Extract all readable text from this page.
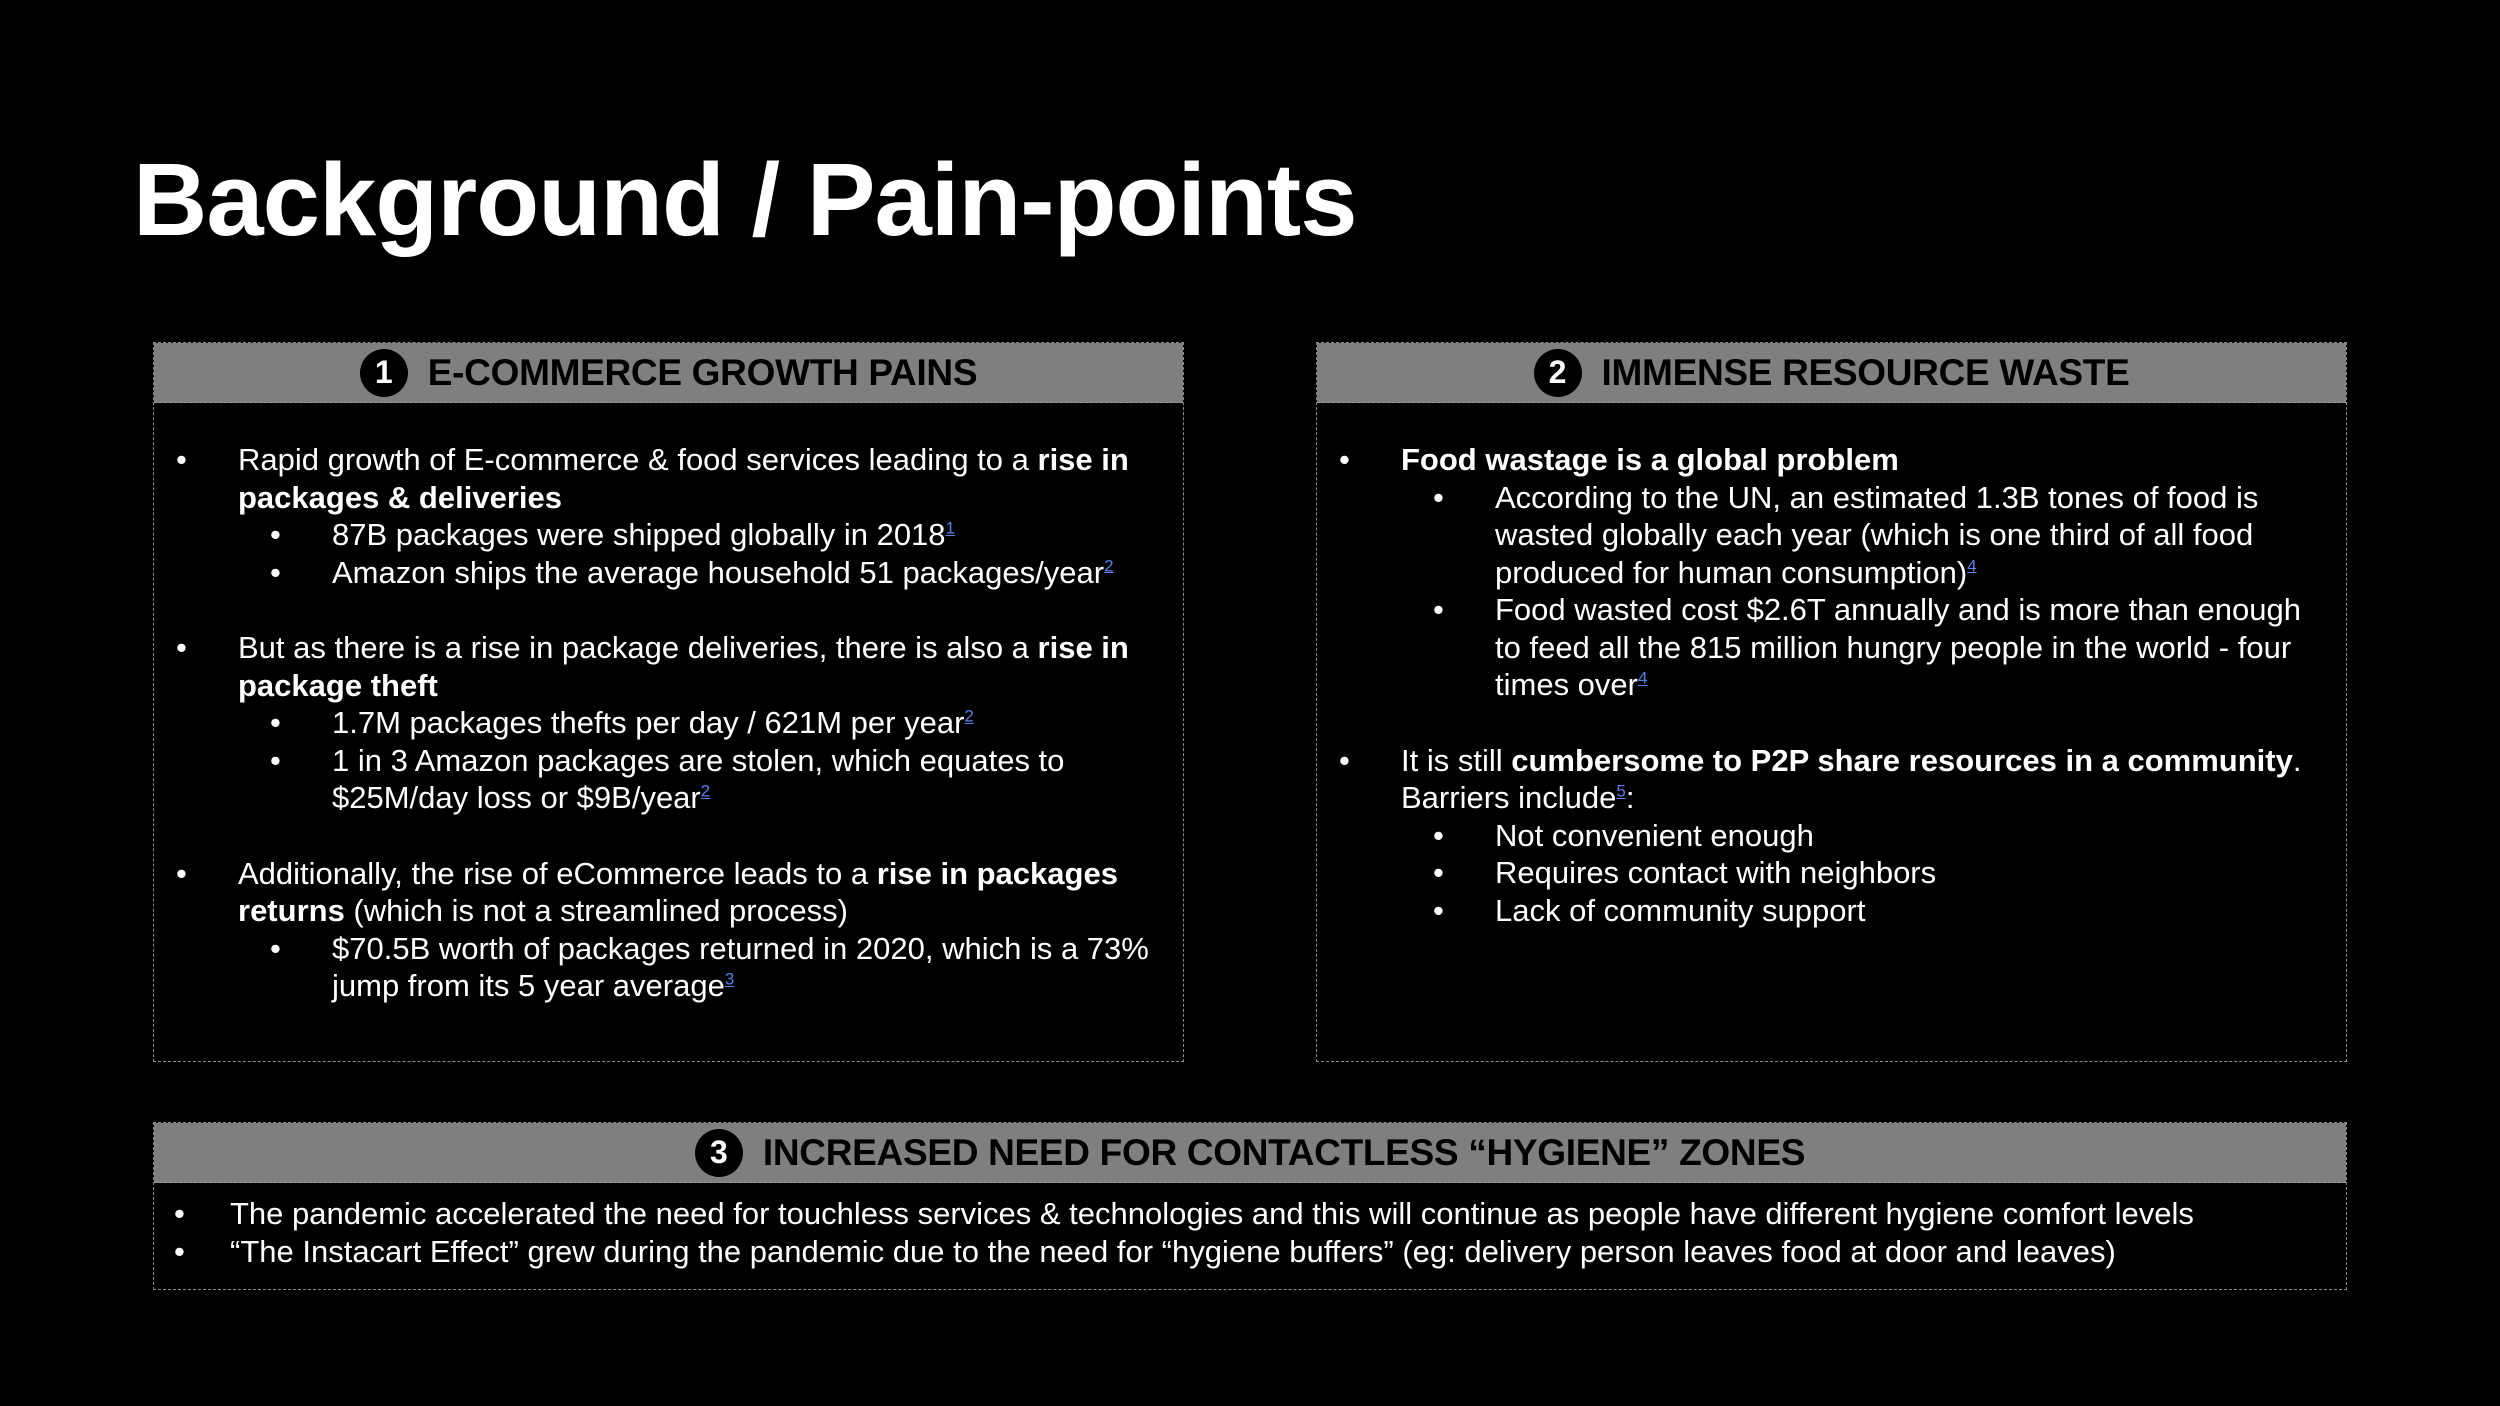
Background / Pain-points
1 E-COMMERCE GROWTH PAINS
• Rapid growth of E-commerce & food services leading to a rise in packages & deliveries
• 87B packages were shipped globally in 2018$^1$
• Amazon ships the average household 51 packages/year$^2$
• But as there is a rise in package deliveries, there is also a rise in package theft
• 1.7M packages thefts per day / 621M per year$^2$
• 1 in 3 Amazon packages are stolen, which equates to $25M/day loss or $9B/year$^2$
• Additionally, the rise of eCommerce leads to a rise in packages returns (which is not a streamlined process)
• $70.5B worth of packages returned in 2020, which is a 73% jump from its 5 year average$^3$
2 IMMENSE RESOURCE WASTE
• Food wastage is a global problem
• According to the UN, an estimated 1.3B tones of food is wasted globally each year (which is one third of all food produced for human consumption)$^4$
• Food wasted cost $2.6T annually and is more than enough to feed all the 815 million hungry people in the world - four times over$^4$
• It is still cumbersome to P2P share resources in a community. Barriers include$^5$:
• Not convenient enough
• Requires contact with neighbors
• Lack of community support
3 INCREASED NEED FOR CONTACTLESS “HYGIENE” ZONES
• The pandemic accelerated the need for touchless services & technologies and this will continue as people have different hygiene comfort levels
• “The Instacart Effect” grew during the pandemic due to the need for “hygiene buffers” (eg: delivery person leaves food at door and leaves)
